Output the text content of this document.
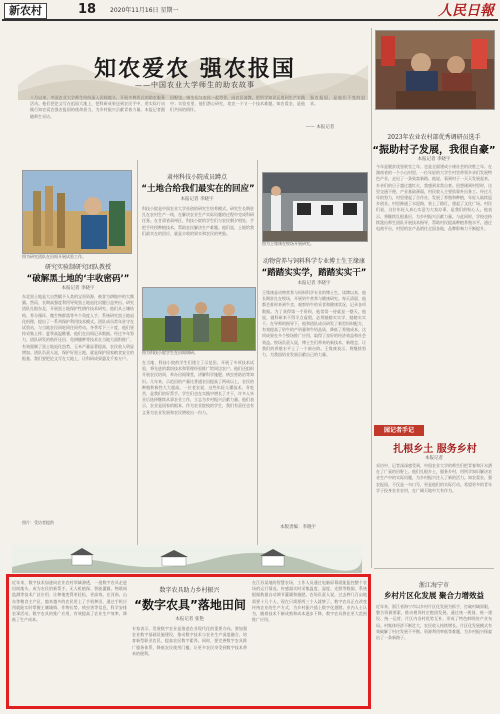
新农村	18 2020年11月16日 星期一	人民日報
知农爱农 强农报国
——中国农业大学师生的助农故事
十月以来，中国农业大学师生纷纷深入田间地头，开展多种形式的助农服务活动。他们把论文写在祖国大地上，把科研成果送到农民手中，用实际行动践行知农爱农强农报国的使命担当，为乡村振兴贡献青春力量。本报记者跟随师生采访。
田野里，师生们与农民一起劳作，向农民请教，把所学知识运用到生产实践中；实验室里，他们潜心研究，攻克一个又一个技术难题。知农爱农，是他们共同的情怀。
强农报国，是他们不变的追求。
—— 本报记者
2023年农业农村部优秀调研员选手
“振助村子发展，我很自豪”
本报记者 李晓宇
今年是脱贫攻坚收官之年，也是全面建成小康社会的决胜之年。在湖南省的一个小山村里，一位年轻的大学生村官带领乡亲们发展特色产业，走出了一条致富新路。他说，看到村子一天天发展起来，乡亲们的日子越过越红火，我感到非常自豪。回想刚到村里时，这里交通不便，产业基础薄弱，村民收入主要依靠外出务工。经过几年的努力，村里建起了合作社，发展了养殖和种植，年轻人陆续返乡创业。村里修通了水泥路，装上了路灯，建起了文化广场。村民们说，这位年轻人真心实意为大家办事，是我们的贴心人。他表示，将继续扎根基层，为乡村振兴贡献力量。与此同时，学校也持续派出师生团队开展技术指导，帮助村民提高种植养殖水平。通过电商平台，村里的农产品销往全国各地，品牌影响力不断提升。
图为研究团队在田间开展试验工作。
研究实验制研究团队教授
“破解黑土地的‘丰收密码’”
本报记者 李晓宇
东北黑土地是大自然赋予人类的宝贵资源，被誉为耕地中的大熊猫。然而，长期高强度利用导致黑土地退化问题日益突出。研究团队扎根东北，开展黑土地保护性耕作技术研究。他们从土壤结构、养分循环、微生物群落等多个角度入手，系统研究黑土地退化机理，提出了一系列保护利用技术模式。团队成员常年驻守在试验站，与当地农民同吃同住同劳动。冬季零下三十度，他们坚持采集土样；夏季高温酷暑，他们在田间记录数据。经过多年努力，团队研发的秸秆还田、免耕播种等技术在当地大面积推广，有效遏制了黑土地退化趋势，玉米产量显著提高，农民收入明显增加。团队负责人说，保护好黑土地，就是保护国家粮食安全的根基，我们要把论文写在大地上，让科研成果惠及千家万户。
图片：受访者提供
肃州科技小院成员蹲点
“土地合给我们最实在的回应”
本报记者 李晓宇
科技小院是中国农业大学首创的研究生培养模式。研究生长期驻扎在农村生产一线，在解决农业生产实际问题的过程中完成科研任务。在甘肃省肃州区，科技小院的学生们与农民朝夕相处，手把手传授种植技术，帮助农民解决生产难题。他们说，土地给我们最实在的回应，就是丰收的果实和农民的笑脸。
图为科技小院学生在田间调研。
在当地，科技小院的学生们建立了示范田，开展了多项技术试验，将先进的栽培技术和管理经验推广给周边农户。他们还组织开展农民培训，举办田间课堂，讲解科学施肥、病虫害防治等知识。几年来，示范田的产量比普通农田提高了两成以上，农民的种植积极性大大提高。一位老农说，这些年轻人懂技术、肯吃苦，是我们的好帮手。学生们也在实践中增长了才干，许多人毕业后选择继续从事农业工作，立志为乡村振兴贡献力量。他们表示，农业是国家的根本，作为农业院校的学生，我们有责任也有义务为农业发展和农民增收出一份力。
图为王缘康在牧场开展研究。
动物营养与饲料科学专业博士生王缘康
“踏踏实实学，踏踏实实干”
本报记者 李晓宇
王缘康是动物营养与饲料科学专业的博士生。读博以来，他长期驻扎在牧场，开展奶牛营养与健康研究。每天清晨，他都会准时来到牛舍，观察奶牛的采食和健康状况，记录各项数据。为了获得第一手资料，他常常一待就是一整天。他说，做科研来不得半点虚假，必须踏踏实实学，踏踏实实干。在导师的指导下，他和团队成员研发了新型饲料配方，有效提高了奶牛的产奶量和牛奶品质，降低了养殖成本。这项成果在多个牧场推广应用，取得了良好的经济效益和社会效益。牧场负责人说，博士生们带来的新技术、新理念，让我们的养殖水平上了一个新台阶。王缘康表示，将继续努力，为我国奶业发展贡献自己的力量。
园记者手记
扎根乡土 服务乡村
本报记者
采访中，记者深深感受到，中国农业大学的师生们把青春和汗水洒在了广袤的田野上。他们扎根乡土，服务乡村，用所学知识解决农业生产中的实际问题，为乡村振兴注入了新的活力。知农爱农、强农报国，不仅是一句口号，更是他们的实际行动。希望更多的青年学子投身农业农村，在广阔天地中大有作为。
浙江海宁市
乡村片区化发展 聚合力增效益
近年来，浙江省海宁市以乡村片区化发展为抓手，打破村域界限，整合资源要素，推动相邻村庄抱团发展。通过统一规划、统一建设、统一运营，片区内各村优势互补，形成了特色鲜明的产业布局。村集体经济不断壮大，农民收入持续增长。片区化发展模式有效破解了村庄发展不平衡、资源利用率低等难题，为乡村振兴探索出了一条新路子。
近年来，数字技术加速向农业农村领域渗透，一批数字农具走进田间地头，成为农民的新帮手。无人机植保、智能灌溉、物联网监测等技术广泛应用，让种地变得更轻松、更高效。在河南、山东等粮食主产区，越来越多的农民用上了手机种田，通过手机应用就能实时掌握土壤墒情、作物长势、病虫害等信息，科学安排农事活动。数字农具的推广应用，有效提高了农业生产效率，降低了生产成本。
数字农具助力乡村振兴
“数字农具”落地田间
本报记者 张艳
专家表示，发展数字农业是推进农业现代化的重要方向。要加强农业数字基础设施建设，推动数字技术与农业生产深度融合，培育新型职业农民，提高农民数字素养。同时，要完善数字农具推广服务体系，降低农民使用门槛，让更多农民享受到数字技术带来的便利。
在江苏某地的智慧农场，工作人员通过电脑屏幕就能监控整个农场的运行情况。传感器实时采集温度、湿度、光照等数据，系统根据数据自动调节灌溉和施肥。农场负责人说，过去种几百亩地需要十几个人，现在只需要两三个人就够了。数字农具正在改变传统农业的生产方式，为乡村振兴插上数字化翅膀。业内人士认为，随着技术不断成熟和成本逐步下降，数字农具将在更大范围推广应用。
本版责编：李晓宇
